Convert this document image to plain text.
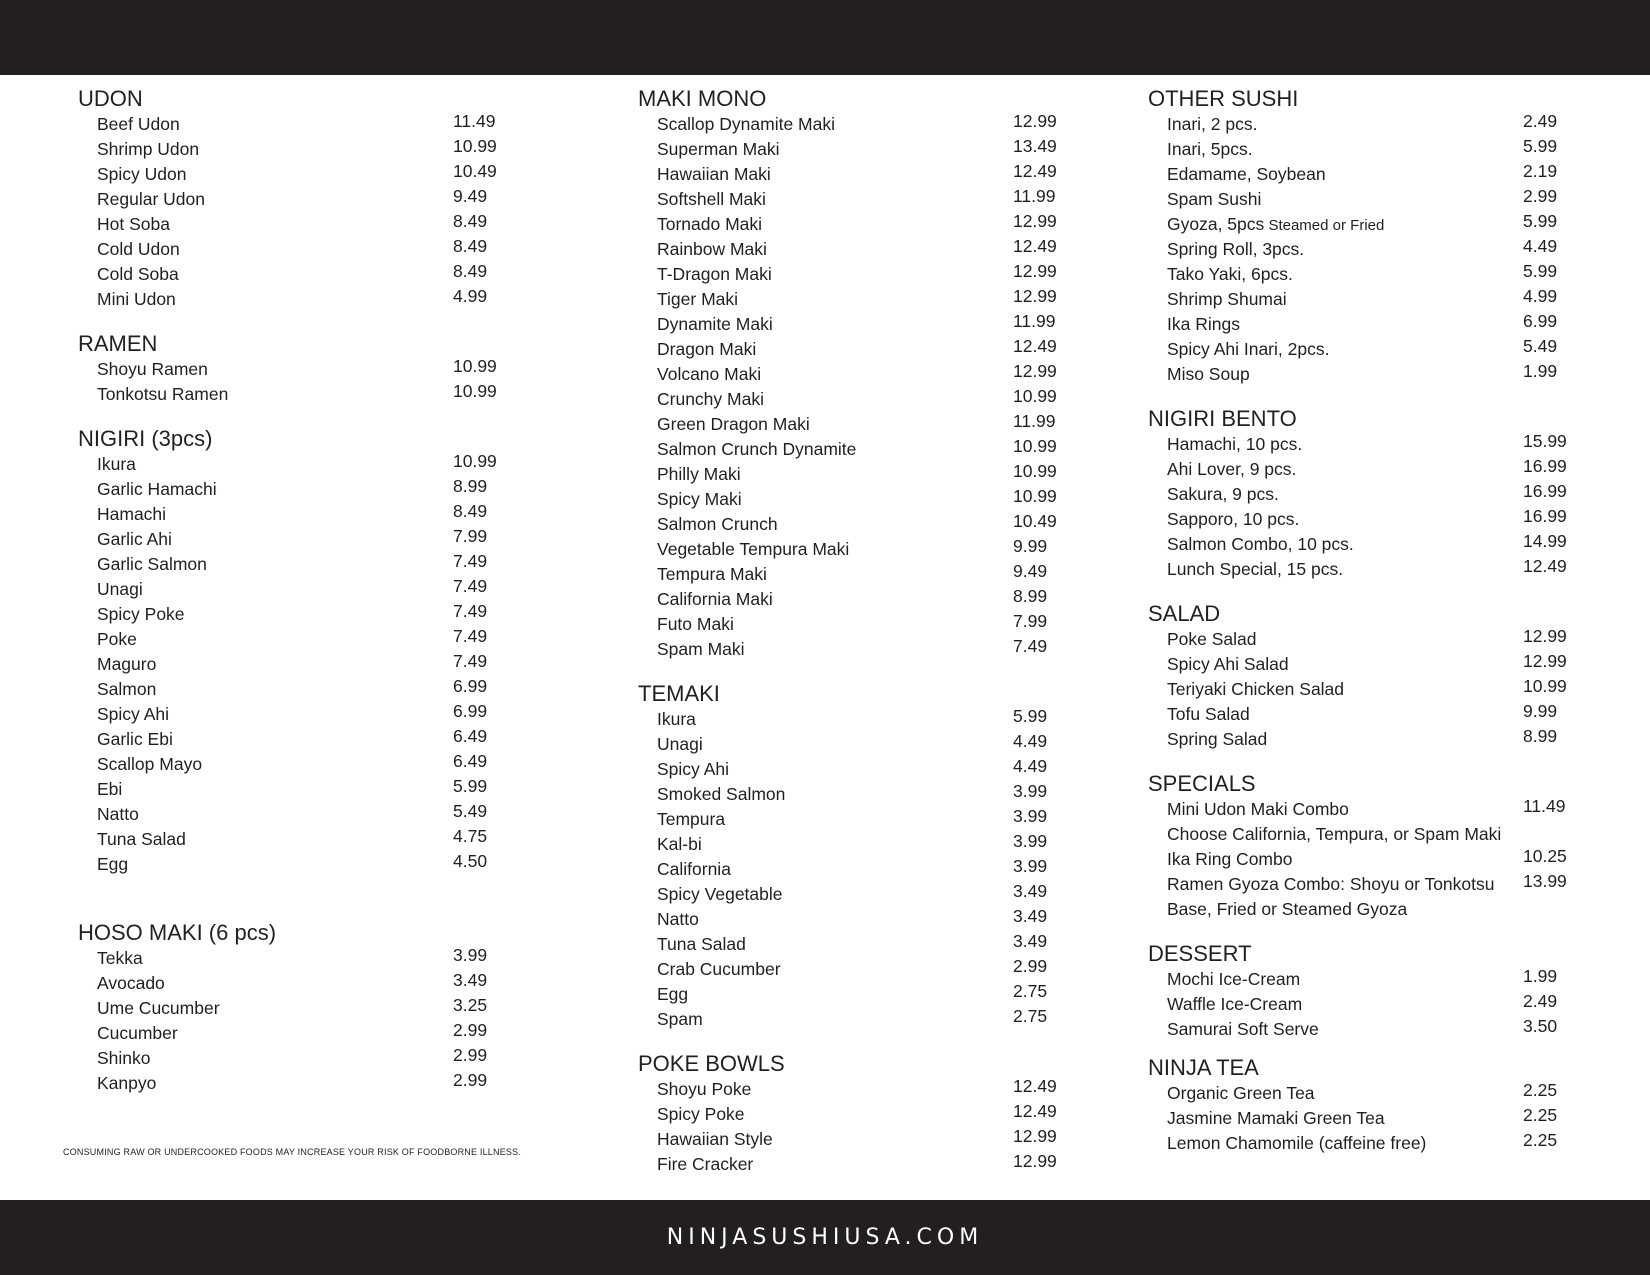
UDON
Beef Udon	11.49
Shrimp Udon	10.99
Spicy Udon	10.49
Regular Udon	9.49
Hot Soba	8.49
Cold Udon	8.49
Cold Soba	8.49
Mini Udon	4.99
RAMEN
Shoyu Ramen	10.99
Tonkotsu Ramen	10.99
NIGIRI (3pcs)
Ikura	10.99
Garlic Hamachi	8.99
Hamachi	8.49
Garlic Ahi	7.99
Garlic Salmon	7.49
Unagi	7.49
Spicy Poke	7.49
Poke	7.49
Maguro	7.49
Salmon	6.99
Spicy Ahi	6.99
Garlic Ebi	6.49
Scallop Mayo	6.49
Ebi	5.99
Natto	5.49
Tuna Salad	4.75
Egg	4.50
HOSO MAKI (6 pcs)
Tekka	3.99
Avocado	3.49
Ume Cucumber	3.25
Cucumber	2.99
Shinko	2.99
Kanpyo	2.99
MAKI MONO
Scallop Dynamite Maki	12.99
Superman Maki	13.49
Hawaiian Maki	12.49
Softshell Maki	11.99
Tornado Maki	12.99
Rainbow Maki	12.49
T-Dragon Maki	12.99
Tiger Maki	12.99
Dynamite Maki	11.99
Dragon Maki	12.49
Volcano Maki	12.99
Crunchy Maki	10.99
Green Dragon Maki	11.99
Salmon Crunch Dynamite	10.99
Philly Maki	10.99
Spicy Maki	10.99
Salmon Crunch	10.49
Vegetable Tempura Maki	9.99
Tempura Maki	9.49
California Maki	8.99
Futo Maki	7.99
Spam Maki	7.49
TEMAKI
Ikura	5.99
Unagi	4.49
Spicy Ahi	4.49
Smoked Salmon	3.99
Tempura	3.99
Kal-bi	3.99
California	3.99
Spicy Vegetable	3.49
Natto	3.49
Tuna Salad	3.49
Crab Cucumber	2.99
Egg	2.75
Spam	2.75
POKE BOWLS
Shoyu Poke	12.49
Spicy Poke	12.49
Hawaiian Style	12.99
Fire Cracker	12.99
OTHER SUSHI
Inari, 2 pcs.	2.49
Inari, 5pcs.	5.99
Edamame, Soybean	2.19
Spam Sushi	2.99
Gyoza, 5pcs Steamed or Fried	5.99
Spring Roll, 3pcs.	4.49
Tako Yaki, 6pcs.	5.99
Shrimp Shumai	4.99
Ika Rings	6.99
Spicy Ahi Inari, 2pcs.	5.49
Miso Soup	1.99
NIGIRI BENTO
Hamachi, 10 pcs.	15.99
Ahi Lover, 9 pcs.	16.99
Sakura, 9 pcs.	16.99
Sapporo, 10 pcs.	16.99
Salmon Combo, 10 pcs.	14.99
Lunch Special, 15 pcs.	12.49
SALAD
Poke Salad	12.99
Spicy Ahi Salad	12.99
Teriyaki Chicken Salad	10.99
Tofu Salad	9.99
Spring Salad	8.99
SPECIALS
Mini Udon Maki Combo	11.49
Choose California, Tempura, or Spam Maki
Ika Ring Combo	10.25
Ramen Gyoza Combo: Shoyu or Tonkotsu 13.99
Base, Fried or Steamed Gyoza
DESSERT
Mochi Ice-Cream	1.99
Waffle Ice-Cream	2.49
Samurai Soft Serve	3.50
NINJA TEA
Organic Green Tea	2.25
Jasmine Mamaki Green Tea	2.25
Lemon Chamomile (caffeine free)	2.25
CONSUMING RAW OR UNDERCOOKED FOODS MAY INCREASE YOUR RISK OF FOODBORNE ILLNESS.
NINJASUSHIUSA.COM
